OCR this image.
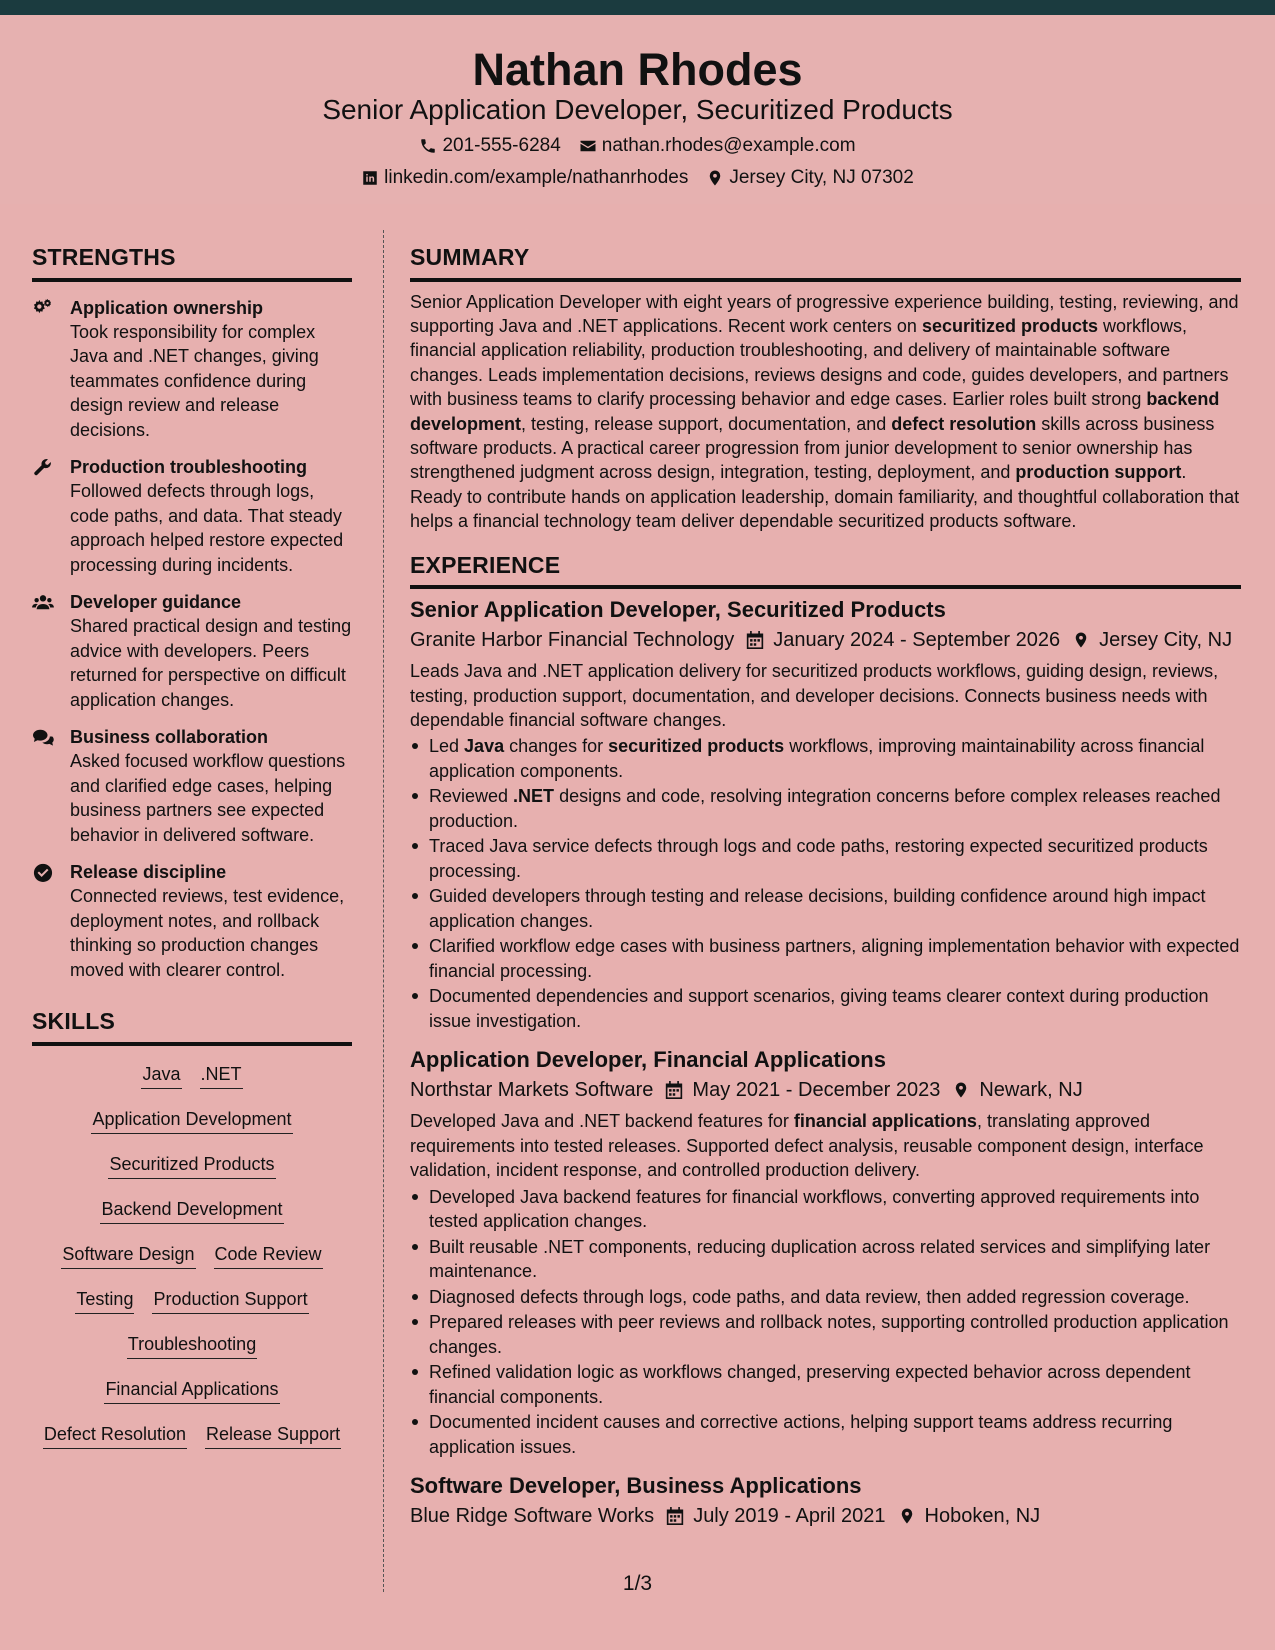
Nathan Rhodes
Senior Application Developer, Securitized Products
201-555-6284 nathan.rhodes@example.com
linkedin.com/example/nathanrhodes Jersey City, NJ 07302
STRENGTHS
Application ownership
Took responsibility for complex Java and .NET changes, giving teammates confidence during design review and release decisions.
Production troubleshooting
Followed defects through logs, code paths, and data. That steady approach helped restore expected processing during incidents.
Developer guidance
Shared practical design and testing advice with developers. Peers returned for perspective on difficult application changes.
Business collaboration
Asked focused workflow questions and clarified edge cases, helping business partners see expected behavior in delivered software.
Release discipline
Connected reviews, test evidence, deployment notes, and rollback thinking so production changes moved with clearer control.
SKILLS
Java .NET
Application Development
Securitized Products
Backend Development
Software Design Code Review
Testing Production Support
Troubleshooting
Financial Applications
Defect Resolution Release Support
SUMMARY

Senior Application Developer with eight years of progressive experience building, testing, reviewing, and supporting Java and .NET applications. Recent work centers on securitized products workflows, financial application reliability, production troubleshooting, and delivery of maintainable software changes. Leads implementation decisions, reviews designs and code, guides developers, and partners with business teams to clarify processing behavior and edge cases. Earlier roles built strong backend development, testing, release support, documentation, and defect resolution skills across business software products. A practical career progression from junior development to senior ownership has strengthened judgment across design, integration, testing, deployment, and production support. Ready to contribute hands on application leadership, domain familiarity, and thoughtful collaboration that helps a financial technology team deliver dependable securitized products software.

EXPERIENCE
Senior Application Developer, Securitized Products
Granite Harbor Financial Technology January 2024 - September 2026 Jersey City, NJ

Leads Java and .NET application delivery for securitized products workflows, guiding design, reviews, testing, production support, documentation, and developer decisions. Connects business needs with dependable financial software changes.

Led Java changes for securitized products workflows, improving maintainability across financial application components.
Reviewed .NET designs and code, resolving integration concerns before complex releases reached production.
Traced Java service defects through logs and code paths, restoring expected securitized products processing.
Guided developers through testing and release decisions, building confidence around high impact application changes.
Clarified workflow edge cases with business partners, aligning implementation behavior with expected financial processing.
Documented dependencies and support scenarios, giving teams clearer context during production issue investigation.
Application Developer, Financial Applications
Northstar Markets Software May 2021 - December 2023 Newark, NJ

Developed Java and .NET backend features for financial applications, translating approved requirements into tested releases. Supported defect analysis, reusable component design, interface validation, incident response, and controlled production delivery.

Developed Java backend features for financial workflows, converting approved requirements into tested application changes.
Built reusable .NET components, reducing duplication across related services and simplifying later maintenance.
Diagnosed defects through logs, code paths, and data review, then added regression coverage.
Prepared releases with peer reviews and rollback notes, supporting controlled production application changes.
Refined validation logic as workflows changed, preserving expected behavior across dependent financial components.
Documented incident causes and corrective actions, helping support teams address recurring application issues.
Software Developer, Business Applications
Blue Ridge Software Works July 2019 - April 2021 Hoboken, NJ
1/3
